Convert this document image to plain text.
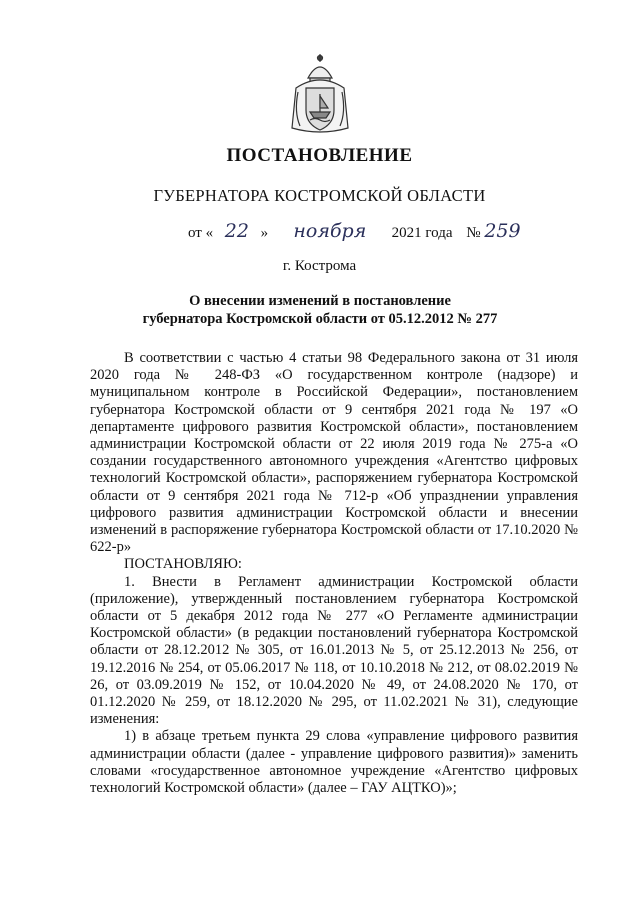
ПОСТАНОВЛЕНИЕ
ГУБЕРНАТОРА КОСТРОМСКОЙ ОБЛАСТИ
от « 22 » ноября 2021 года № 259
г. Кострома
О внесении изменений в постановление
губернатора Костромской области от 05.12.2012 № 277

В соответствии с частью 4 статьи 98 Федерального закона от 31 июля 2020 года № 248-ФЗ «О государственном контроле (надзоре) и муниципальном контроле в Российской Федерации», постановлением губернатора Костромской области от 9 сентября 2021 года № 197 «О департаменте цифрового развития Костромской области», постановлением администрации Костромской области от 22 июля 2019 года № 275-а «О создании государственного автономного учреждения «Агентство цифровых технологий Костромской области», распоряжением губернатора Костромской области от 9 сентября 2021 года № 712-р «Об упразднении управления цифрового развития администрации Костромской области и внесении изменений в распоряжение губернатора Костромской области от 17.10.2020 № 622-р»

ПОСТАНОВЛЯЮ:

1. Внести в Регламент администрации Костромской области (приложение), утвержденный постановлением губернатора Костромской области от 5 декабря 2012 года № 277 «О Регламенте администрации Костромской области» (в редакции постановлений губернатора Костромской области от 28.12.2012 № 305, от 16.01.2013 № 5, от 25.12.2013 № 256, от 19.12.2016 № 254, от 05.06.2017 № 118, от 10.10.2018 № 212, от 08.02.2019 № 26, от 03.09.2019 № 152, от 10.04.2020 № 49, от 24.08.2020 № 170, от 01.12.2020 № 259, от 18.12.2020 № 295, от 11.02.2021 № 31), следующие изменения:

1) в абзаце третьем пункта 29 слова «управление цифрового развития администрации области (далее - управление цифрового развития)» заменить словами «государственное автономное учреждение «Агентство цифровых технологий Костромской области» (далее – ГАУ АЦТКО)»;
